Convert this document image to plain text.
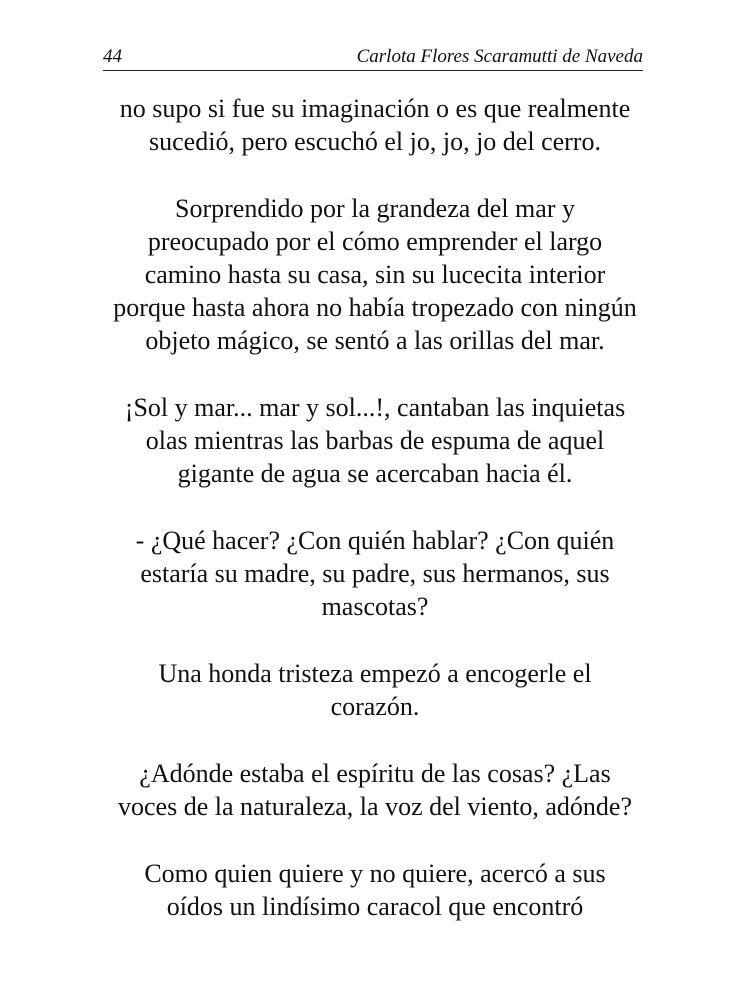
44	Carlota Flores Scaramutti de Naveda

no supo si fue su imaginación o es que realmente
sucedió, pero escuchó el jo, jo, jo del cerro.

Sorprendido por la grandeza del mar y
preocupado por el cómo emprender el largo
camino hasta su casa, sin su lucecita interior
porque hasta ahora no había tropezado con ningún
objeto mágico, se sentó a las orillas del mar.

¡Sol y mar... mar y sol...!, cantaban las inquietas
olas mientras las barbas de espuma de aquel
gigante de agua se acercaban hacia él.

- ¿Qué hacer? ¿Con quién hablar? ¿Con quién
estaría su madre, su padre, sus hermanos, sus
mascotas?

Una honda tristeza empezó a encogerle el
corazón.

¿Adónde estaba el espíritu de las cosas? ¿Las
voces de la naturaleza, la voz del viento, adónde?

Como quien quiere y no quiere, acercó a sus
oídos un lindísimo caracol que encontró
